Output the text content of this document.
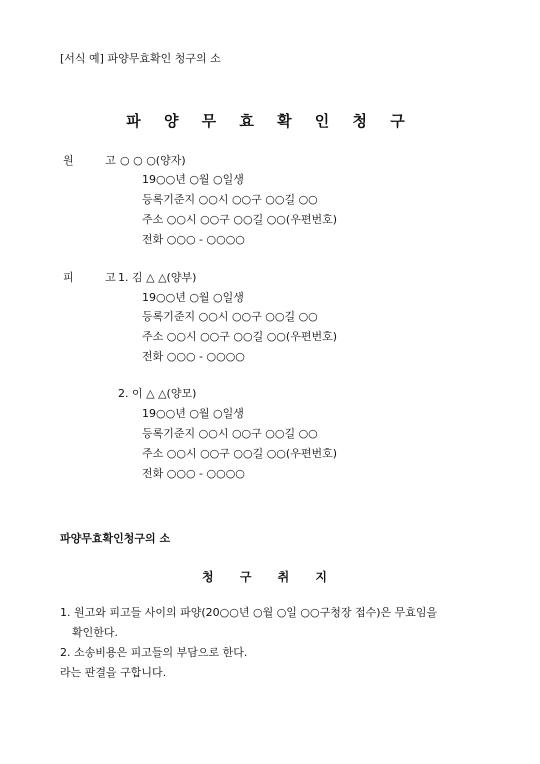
[서식 예] 파양무효확인 청구의 소
파 양 무 효 확 인 청 구
원 고
○ ○ ○(양자)
19○○년 ○월 ○일생
등록기준지 ○○시 ○○구 ○○길 ○○
주소 ○○시 ○○구 ○○길 ○○(우편번호)
전화 ○○○ - ○○○○
피 고
1. 김 △ △(양부)
19○○년 ○월 ○일생
등록기준지 ○○시 ○○구 ○○길 ○○
주소 ○○시 ○○구 ○○길 ○○(우편번호)
전화 ○○○ - ○○○○
2. 이 △ △(양모)
19○○년 ○월 ○일생
등록기준지 ○○시 ○○구 ○○길 ○○
주소 ○○시 ○○구 ○○길 ○○(우편번호)
전화 ○○○ - ○○○○
파양무효확인청구의 소
청 구 취 지
1. 원고와 피고들 사이의 파양(20○○년 ○월 ○일 ○○구청장 접수)은 무효임을
확인한다.
2. 소송비용은 피고들의 부담으로 한다.
라는 판결을 구합니다.
